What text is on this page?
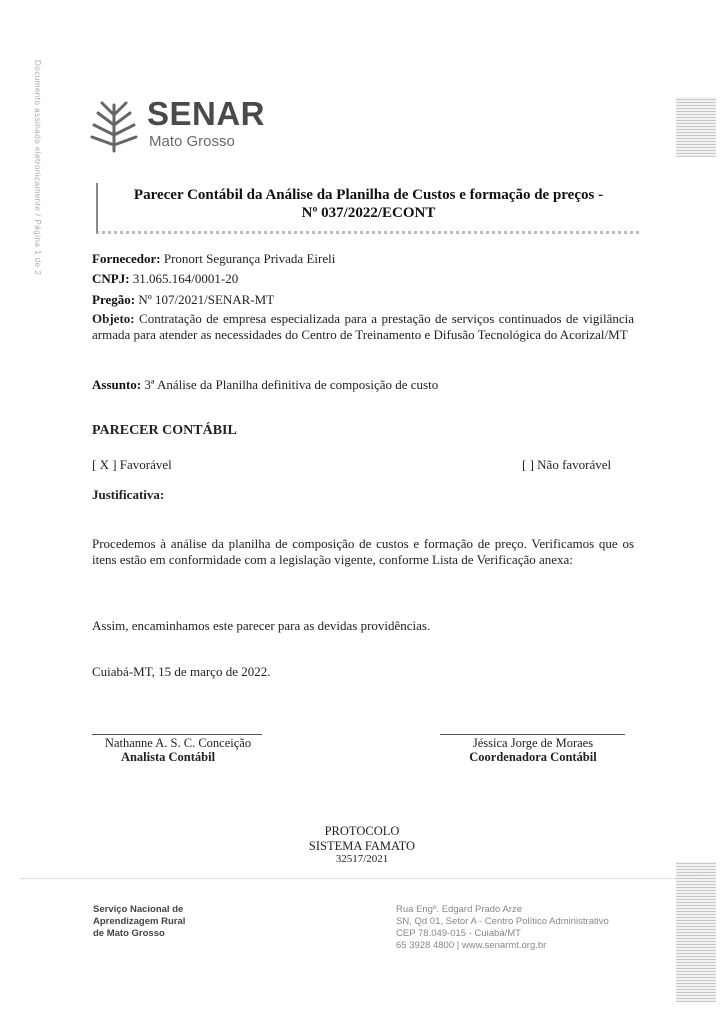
Documento assinado eletronicamente / Página 1 de 2	SENAR
Mato Grosso
Parecer Contábil da Análise da Planilha de Custos e formação de preços -
Nº 037/2022/ECONT
Fornecedor: Pronort Segurança Privada Eireli
CNPJ: 31.065.164/0001-20
Pregão: Nº 107/2021/SENAR-MT
Objeto: Contratação de empresa especializada para a prestação de serviços continuados de vigilância armada para atender as necessidades do Centro de Treinamento e Difusão Tecnológica do Acorizal/MT
Assunto: 3ª Análise da Planilha definitiva de composição de custo
PARECER CONTÁBIL
[ X ] Favorável	[ ] Não favorável
Justificativa:
Procedemos à análise da planilha de composição de custos e formação de preço. Verificamos que os itens estão em conformidade com a legislação vigente, conforme Lista de Verificação anexa:
Assim, encaminhamos este parecer para as devidas providências.
Cuiabá-MT, 15 de março de 2022.
Nathanne A. S. C. Conceição
Analista Contábil
Jéssica Jorge de Moraes
Coordenadora Contábil
PROTOCOLO
SISTEMA FAMATO
32517/2021
Serviço Nacional de
Aprendizagem Rural
de Mato Grosso
Rua Engº. Edgard Prado Arze
SN, Qd 01, Setor A - Centro Político Administrativo
CEP 78.049-015 - Cuiabá/MT
65 3928 4800 | www.senarmt.org.br
